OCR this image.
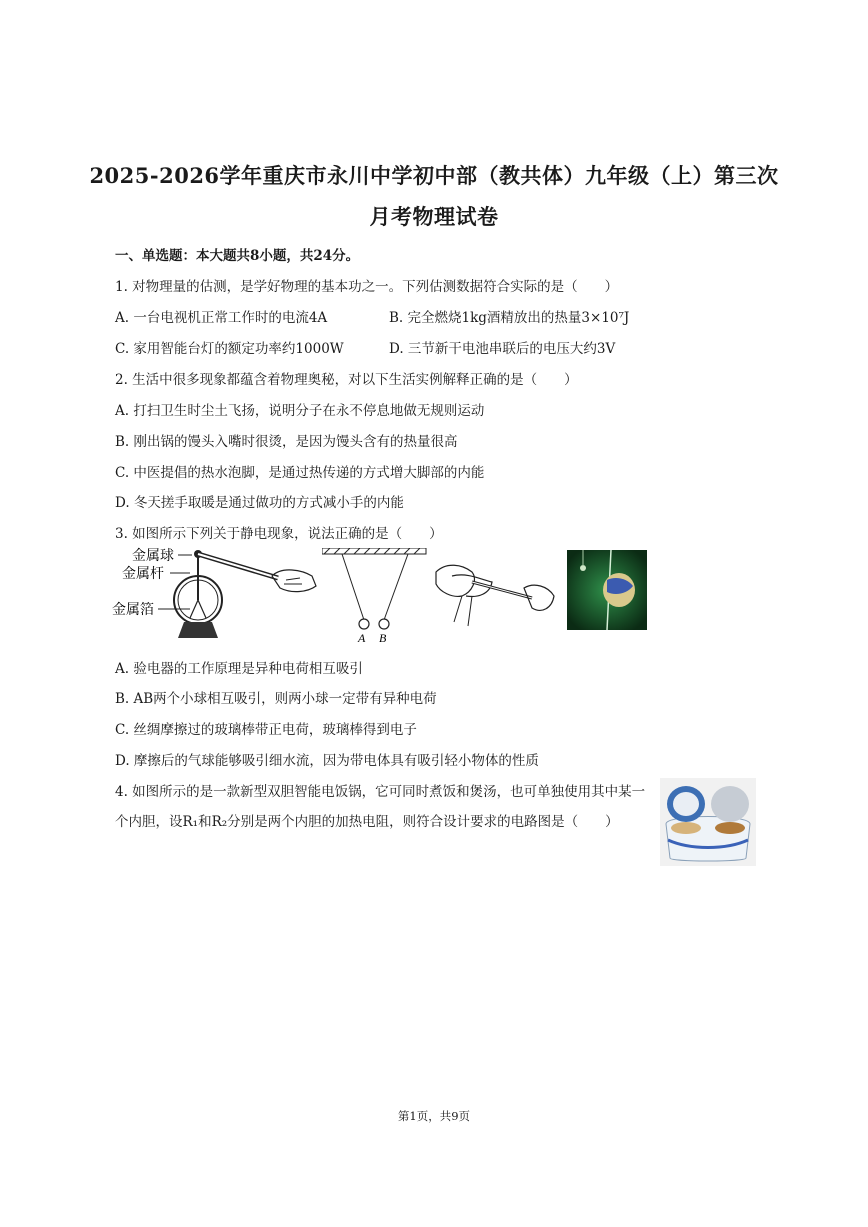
2025-2026学年重庆市永川中学初中部（教共体）九年级（上）第三次
月考物理试卷
一、单选题：本大题共8小题，共24分。
1. 对物理量的估测，是学好物理的基本功之一。下列估测数据符合实际的是（　　）
A. 一台电视机正常工作时的电流4A	B. 完全燃烧1kg酒精放出的热量3×10⁷J
C. 家用智能台灯的额定功率约1000W	D. 三节新干电池串联后的电压大约3V
2. 生活中很多现象都蕴含着物理奥秘，对以下生活实例解释正确的是（　　）
A. 打扫卫生时尘土飞扬，说明分子在永不停息地做无规则运动
B. 刚出锅的馒头入嘴时很烫，是因为馒头含有的热量很高
C. 中医提倡的热水泡脚，是通过热传递的方式增大脚部的内能
D. 冬天搓手取暖是通过做功的方式减小手的内能
3. 如图所示下列关于静电现象，说法正确的是（　　）
金属球
金属杆
金属箔
A B
A. 验电器的工作原理是异种电荷相互吸引
B. AB两个小球相互吸引，则两小球一定带有异种电荷
C. 丝绸摩擦过的玻璃棒带正电荷，玻璃棒得到电子
D. 摩擦后的气球能够吸引细水流，因为带电体具有吸引轻小物体的性质
4. 如图所示的是一款新型双胆智能电饭锅，它可同时煮饭和煲汤，也可单独使用其中某一
个内胆，设R₁和R₂分别是两个内胆的加热电阻，则符合设计要求的电路图是（　　）
第1页，共9页
